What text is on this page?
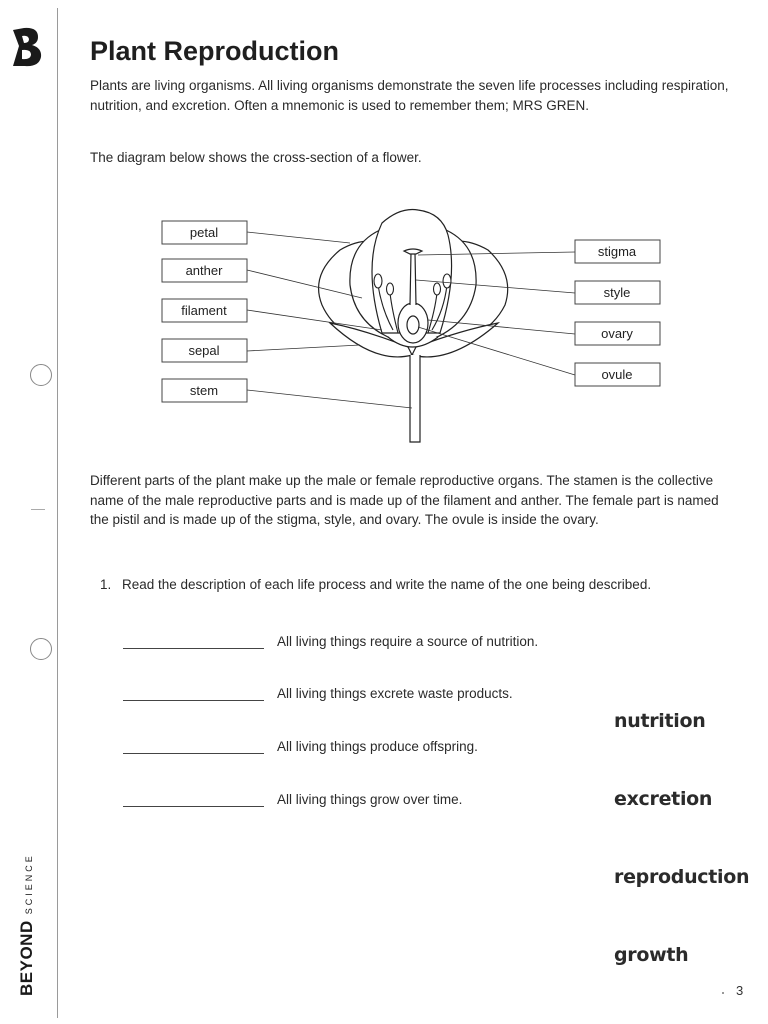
BEYONDSCIENCE
Plant Reproduction

Plants are living organisms. All living organisms demonstrate the seven life processes including respiration, nutrition, and excretion. Often a mnemonic is used to remember them; MRS GREN.

The diagram below shows the cross-section of a flower.

petal
anther
filament
sepal
stem
stigma
style
ovary
ovule

Different parts of the plant make up the male or female reproductive organs. The stamen is the collective name of the male reproductive parts and is made up of the filament and anther. The female part is named the pistil and is made up of the stigma, style, and ovary. The ovule is inside the ovary.

1. Read the description of each life process and write the name of the one being described.
All living things require a source of nutrition.
All living things excrete waste products.
All living things produce offspring.
All living things grow over time.
nutrition
excretion
reproduction
growth
3
